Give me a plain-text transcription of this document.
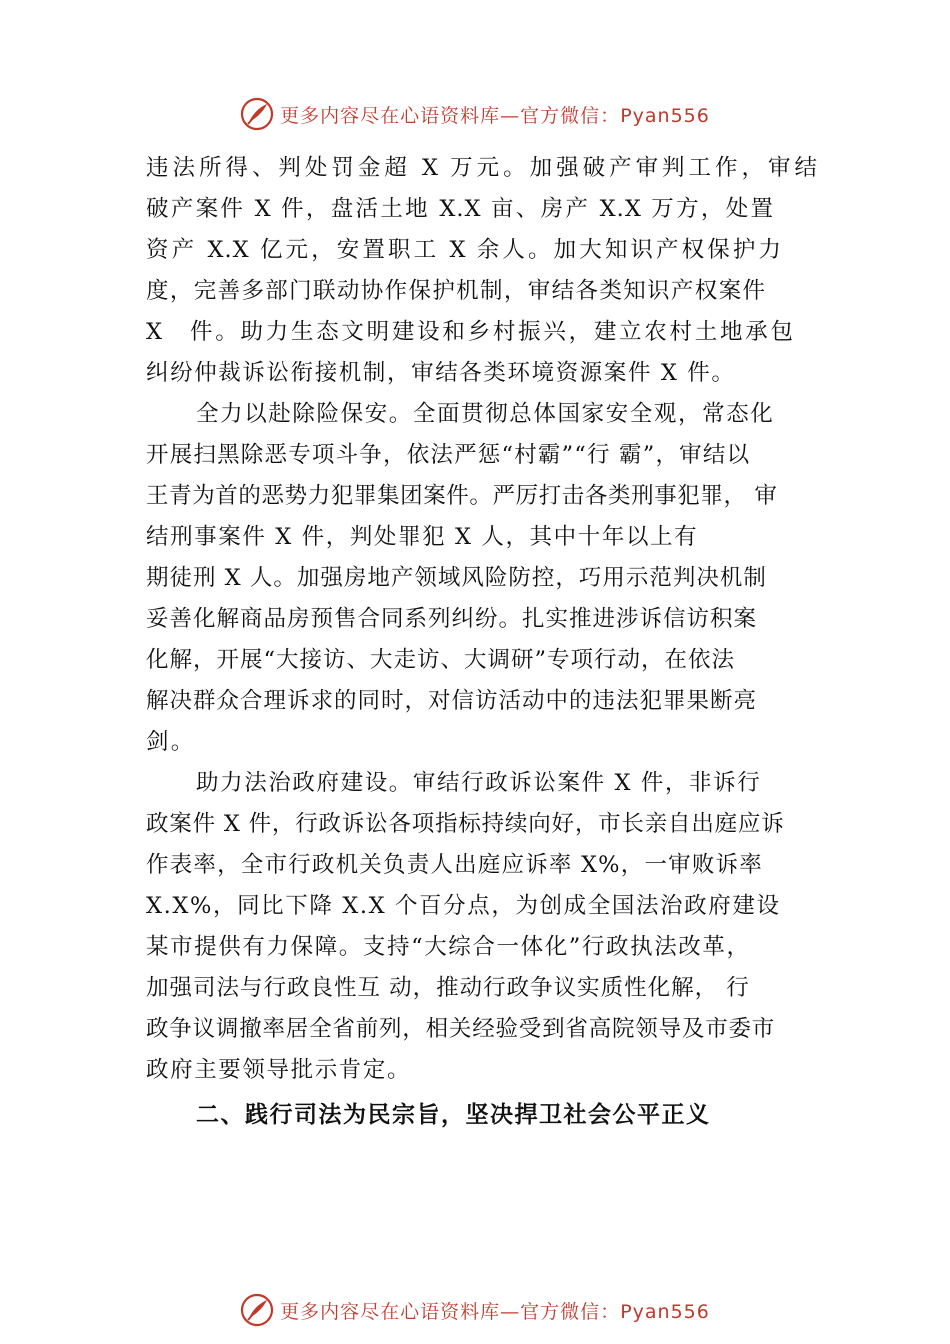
更多内容尽在心语资料库—官方微信：Pyan556
违法所得、判处罚金超 X 万元。加强破产审判工作，审结
破产案件 X 件，盘活土地 X.X 亩、房产 X.X 万方，处置
资产 X.X 亿元，安置职工 X 余人。加大知识产权保护力
度，完善多部门联动协作保护机制，审结各类知识产权案件
X　件。助力生态文明建设和乡村振兴，建立农村土地承包
纠纷仲裁诉讼衔接机制，审结各类环境资源案件 X 件。
全力以赴除险保安。全面贯彻总体国家安全观，常态化
开展扫黑除恶专项斗争，依法严惩“村霸”“行 霸”，审结以
王青为首的恶势力犯罪集团案件。严厉打击各类刑事犯罪， 审
结刑事案件 X 件，判处罪犯 X 人，其中十年以上有
期徒刑 X 人。加强房地产领域风险防控，巧用示范判决机制
妥善化解商品房预售合同系列纠纷。扎实推进涉诉信访积案
化解，开展“大接访、大走访、大调研”专项行动，在依法
解决群众合理诉求的同时，对信访活动中的违法犯罪果断亮
剑。
助力法治政府建设。审结行政诉讼案件 X 件，非诉行
政案件 X 件，行政诉讼各项指标持续向好，市长亲自出庭应诉
作表率，全市行政机关负责人出庭应诉率 X%，一审败诉率
X.X%，同比下降 X.X 个百分点，为创成全国法治政府建设
某市提供有力保障。支持“大综合一体化”行政执法改革，
加强司法与行政良性互 动，推动行政争议实质性化解， 行
政争议调撤率居全省前列，相关经验受到省高院领导及市委市
政府主要领导批示肯定。
二、践行司法为民宗旨，坚决捍卫社会公平正义
更多内容尽在心语资料库—官方微信：Pyan556
